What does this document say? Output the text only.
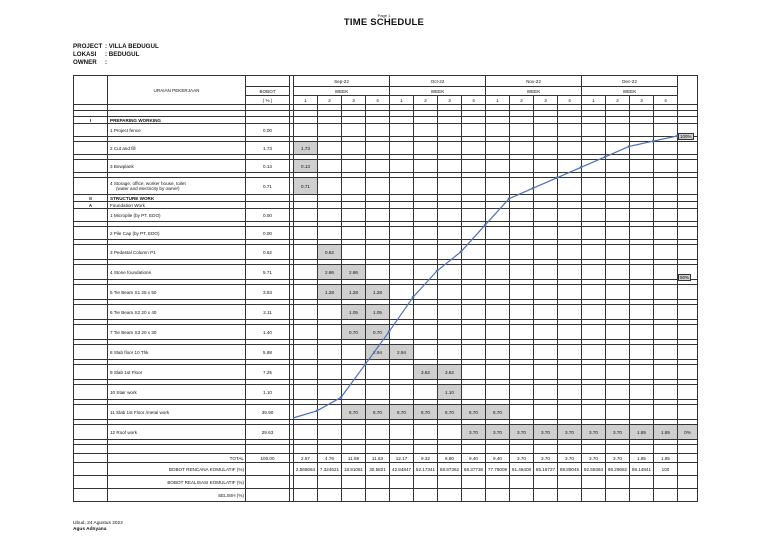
Page 1
TIME SCHEDULE
PROJECT : VILLA BEDUGUL
LOKASI : BEDUGUL
OWNER :
	URAIAN PEKERJAAN			Sep-22				Oct-22				Nov-22				Dec-22				
		BOBOT		WEEK				WEEK				WEEK				WEEK				
		( % )		1	2	3	4	1	2	3	4	1	2	3	4	1	2	3	4	

I	PREPARING WORKING																			
	1 Project fence	0.00																		

	2 Cut and fill	1.73		1.73																

	3 Bowplank	0.13		0.13																

	4 Storage, office, worker house, toilet
(water and electricity by owner)	0.71		0.71																
II	STRUCTURE WORK																			
A	Foundation Work																			
	1 Micropile (by PT. EDO)	0.00																		

	2 Pile Cap (by PT. EDO)	0.00																		

	3 Pedestal Column P1	0.62			0.62															

	4 Stone foundations	5.71			2.86	2.86														

	5 Tie Beam S1 25 x 50	3.83			1.28	1.28	1.28													

	6 Tie Beam S2 20 x 40	2.11				1.05	1.05													

	7 Tie Beam S3 20 x 30	1.40				0.70	0.70													

	8 Slab floor 10 Thk	5.88					2.94	2.94												

	9 Slab 1st Floor	7.25							3.62	3.62										

	10 Stair work	1.10								1.10										

	11 Slab 1st Floor /metal work	39.90				5.70	5.70	5.70	5.70	5.70	5.70	5.70								

	12 Roof work	29.63									3.70	3.70	3.70	3.70	3.70	3.70	3.70	1.85	1.85	0%

	TOTAL	100.00		2.57	4.76	11.59	11.63	12.17	9.32	6.80	9.40	9.40	3.70	3.70	3.70	3.70	3.70	1.85	1.85	
	BOBOT RENCANA KOMULATIF (%)			2.568664	7.324621	18.91081	30.5821	42.84847	52.17341	58.97362	68.37736	77.78009	81.48408	85.18727	88.89045	92.59363	96.29682	98.14841	100	
	BOBOT REALISASI KOMULATIF (%)																			
	SELISIH (%)																			
100%
50%
Ubud, 24 Agustus 2022
Agus Adnyana
